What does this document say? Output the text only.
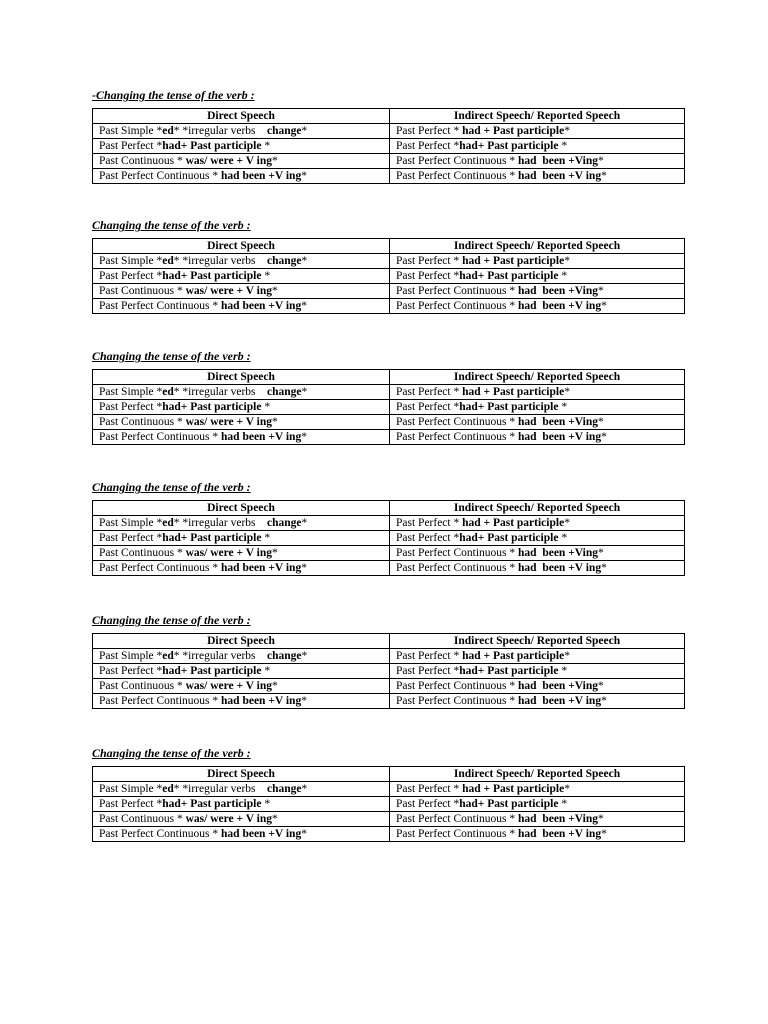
-Changing the tense of the verb :
Direct Speech	Indirect Speech/ Reported Speech
Past Simple *ed* *irregular verbs    change*	Past Perfect * had + Past participle*
Past Perfect *had+ Past participle *	Past Perfect *had+ Past participle *
Past Continuous * was/ were + V ing*	Past Perfect Continuous * had  been +Ving*
Past Perfect Continuous * had been +V ing*	Past Perfect Continuous * had  been +V ing*
Changing the tense of the verb :
Direct Speech	Indirect Speech/ Reported Speech
Past Simple *ed* *irregular verbs    change*	Past Perfect * had + Past participle*
Past Perfect *had+ Past participle *	Past Perfect *had+ Past participle *
Past Continuous * was/ were + V ing*	Past Perfect Continuous * had  been +Ving*
Past Perfect Continuous * had been +V ing*	Past Perfect Continuous * had  been +V ing*
Changing the tense of the verb :
Direct Speech	Indirect Speech/ Reported Speech
Past Simple *ed* *irregular verbs    change*	Past Perfect * had + Past participle*
Past Perfect *had+ Past participle *	Past Perfect *had+ Past participle *
Past Continuous * was/ were + V ing*	Past Perfect Continuous * had  been +Ving*
Past Perfect Continuous * had been +V ing*	Past Perfect Continuous * had  been +V ing*
Changing the tense of the verb :
Direct Speech	Indirect Speech/ Reported Speech
Past Simple *ed* *irregular verbs    change*	Past Perfect * had + Past participle*
Past Perfect *had+ Past participle *	Past Perfect *had+ Past participle *
Past Continuous * was/ were + V ing*	Past Perfect Continuous * had  been +Ving*
Past Perfect Continuous * had been +V ing*	Past Perfect Continuous * had  been +V ing*
Changing the tense of the verb :
Direct Speech	Indirect Speech/ Reported Speech
Past Simple *ed* *irregular verbs    change*	Past Perfect * had + Past participle*
Past Perfect *had+ Past participle *	Past Perfect *had+ Past participle *
Past Continuous * was/ were + V ing*	Past Perfect Continuous * had  been +Ving*
Past Perfect Continuous * had been +V ing*	Past Perfect Continuous * had  been +V ing*
Changing the tense of the verb :
Direct Speech	Indirect Speech/ Reported Speech
Past Simple *ed* *irregular verbs    change*	Past Perfect * had + Past participle*
Past Perfect *had+ Past participle *	Past Perfect *had+ Past participle *
Past Continuous * was/ were + V ing*	Past Perfect Continuous * had  been +Ving*
Past Perfect Continuous * had been +V ing*	Past Perfect Continuous * had  been +V ing*
